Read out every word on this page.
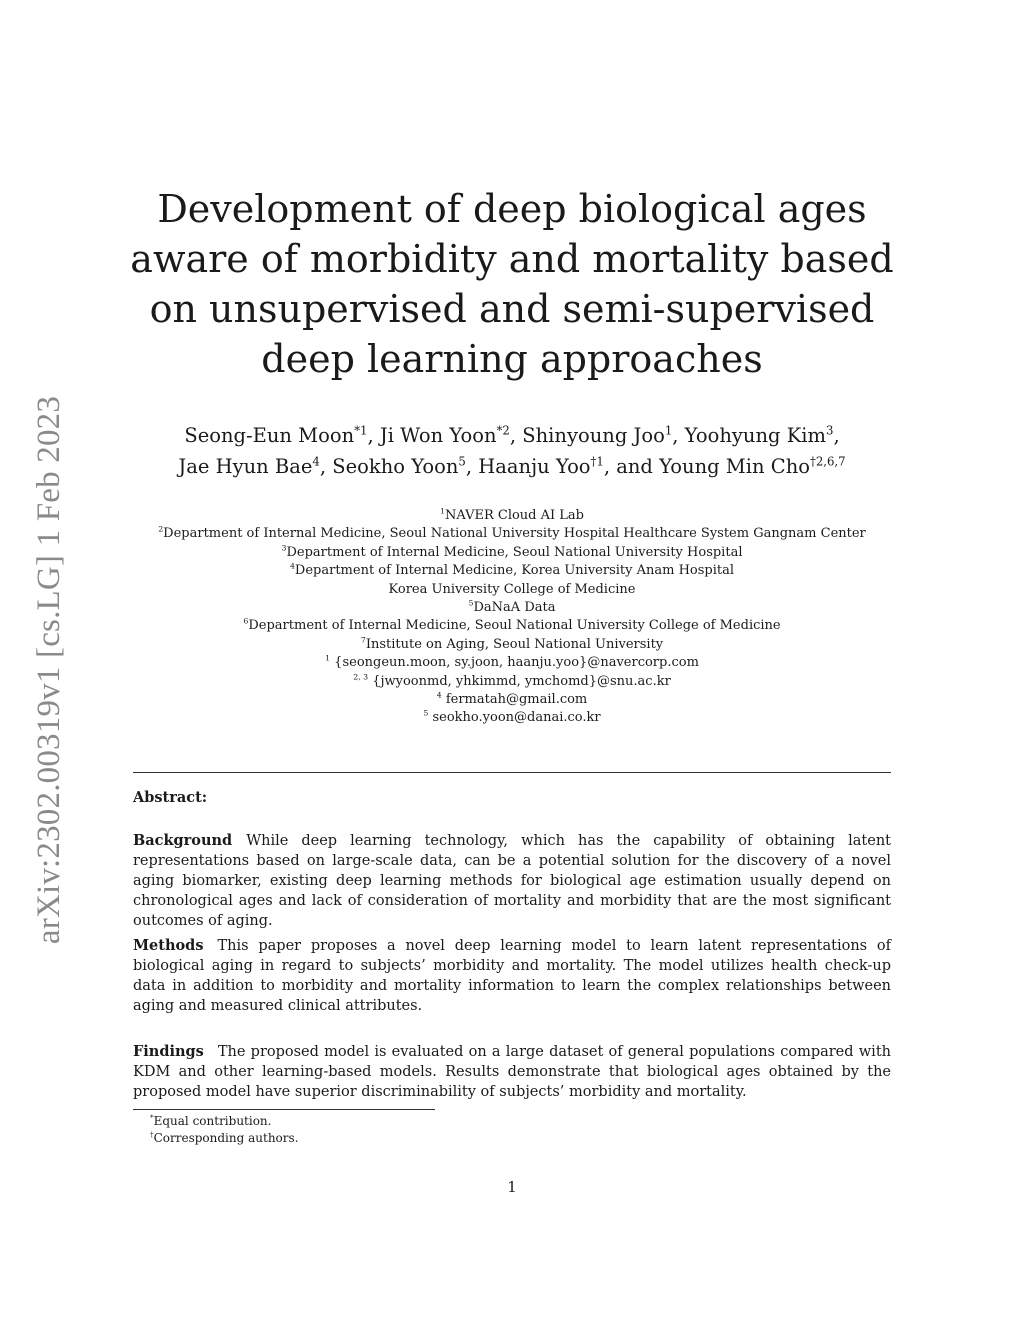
arXiv:2302.00319v1 [cs.LG] 1 Feb 2023
Development of deep biological ages
aware of morbidity and mortality based
on unsupervised and semi-supervised
deep learning approaches
Seong-Eun Moon$^{*1}$, Ji Won Yoon$^{*2}$, Shinyoung Joo$^1$, Yoohyung Kim$^3$,
Jae Hyun Bae$^4$, Seokho Yoon$^5$, Haanju Yoo$^{\dagger 1}$, and Young Min Cho$^{\dagger 2,6,7}$
$^1$NAVER Cloud AI Lab
$^2$Department of Internal Medicine, Seoul National University Hospital Healthcare System Gangnam Center
$^3$Department of Internal Medicine, Seoul National University Hospital
$^4$Department of Internal Medicine, Korea University Anam Hospital
Korea University College of Medicine
$^5$DaNaA Data
$^6$Department of Internal Medicine, Seoul National University College of Medicine
$^7$Institute on Aging, Seoul National University
$^1$ {seongeun.moon, sy.joon, haanju.yoo}@navercorp.com
$^{2, 3}$ {jwyoonmd, yhkimmd, ymchomd}@snu.ac.kr
$^4$ fermatah@gmail.com
$^5$ seokho.yoon@danai.co.kr
Abstract:

Background While deep learning technology, which has the capability of obtaining latent representations based on large-scale data, can be a potential solution for the discovery of a novel aging biomarker, existing deep learning methods for biological age estimation usually depend on chronological ages and lack of consideration of mortality and morbidity that are the most significant outcomes of aging.

Methods This paper proposes a novel deep learning model to learn latent representations of biological aging in regard to subjects’ morbidity and mortality. The model utilizes health check-up data in addition to morbidity and mortality information to learn the complex relationships between aging and measured clinical attributes.

Findings The proposed model is evaluated on a large dataset of general populations compared with KDM and other learning-based models. Results demonstrate that biological ages obtained by the proposed model have superior discriminability of subjects’ morbidity and mortality.

*Equal contribution.
†Corresponding authors.
1
